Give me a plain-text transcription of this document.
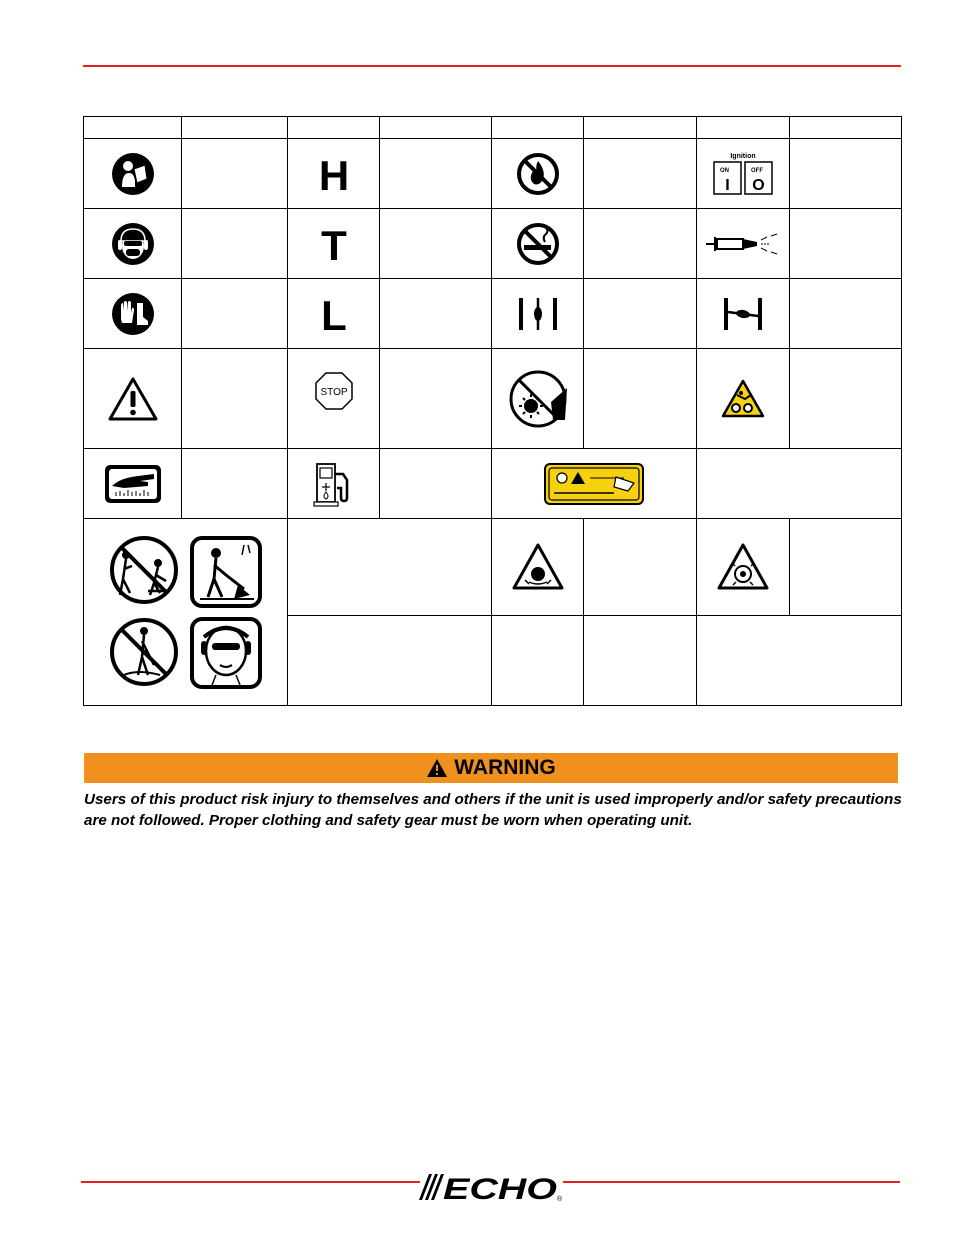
H				Ignition
ON OFF
I O	

T

L

STOP

WARNING

Users of this product risk injury to themselves and others if the unit is used improperly and/or safety precautions are not followed. Proper clothing and safety gear must be worn when operating unit.

ECHO ®
